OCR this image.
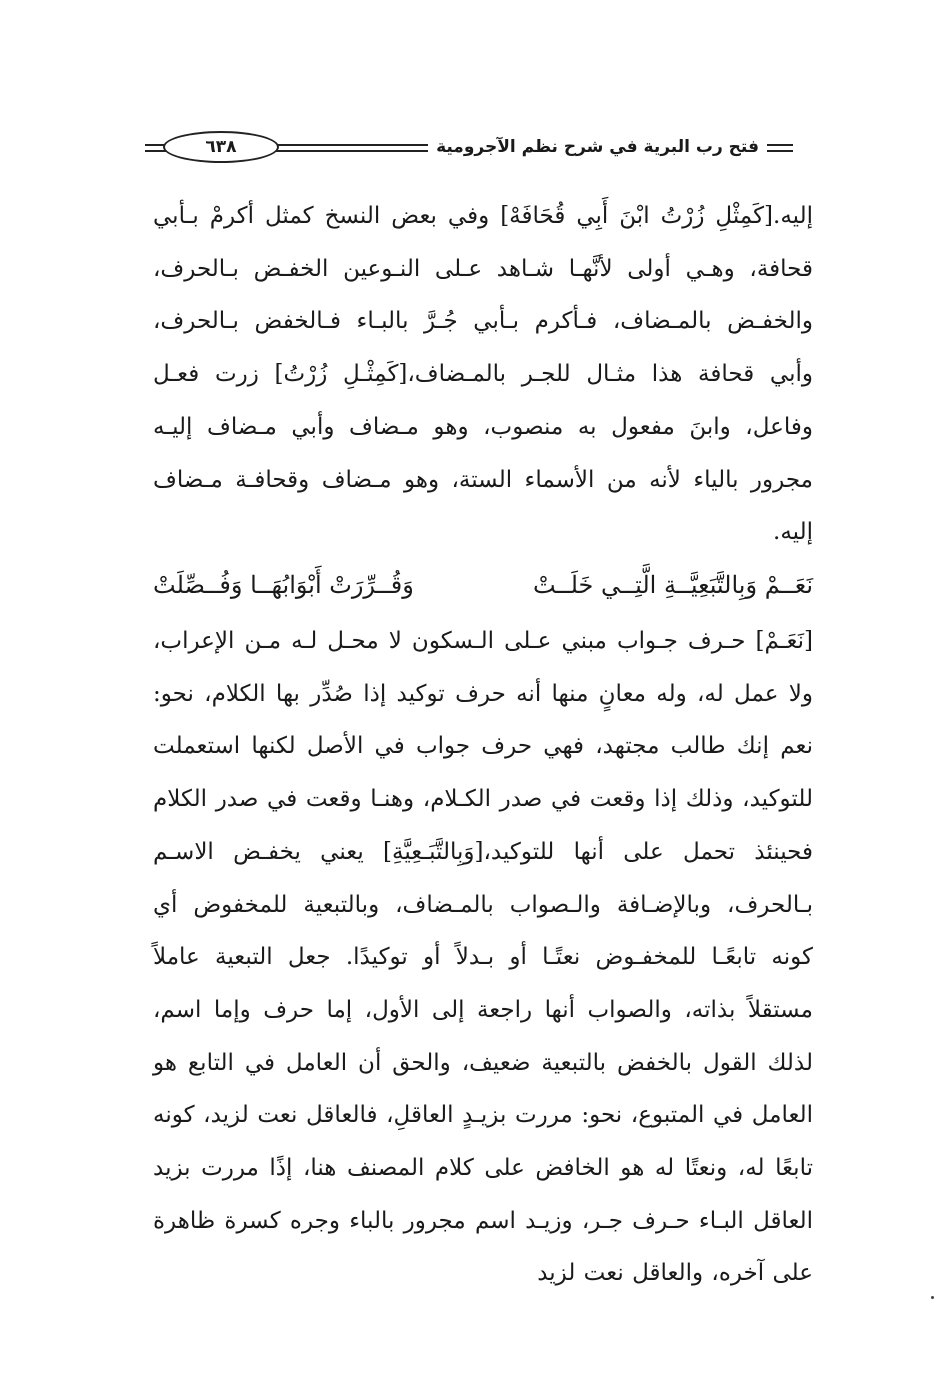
فتح رب البرية في شرح نظم الآجرومية
٦٣٨

إليه.[كَمِثْلِ زُرْتُ ابْنَ أَبِي قُحَافَهْ] وفي بعض النسخ كمثل أكرمْ بـأبي قحافة، وهـي أولى لأنَّهـا شـاهد عـلى النـوعين الخفـض بـالحرف، والخفـض بالمـضاف، فـأكرم بـأبي جُـرَّ بالبـاء فـالخفض بـالحرف، وأبي قحافة هذا مثـال للجـر بالمـضاف،[كَمِثْـلِ زُرْتُ] زرت فعـل وفاعل، وابنَ مفعول به منصوب، وهو مـضاف وأبي مـضاف إليـه مجرور بالياء لأنه من الأسماء الستة، وهو مـضاف وقحافـة مـضاف إليه.

نَعَــمْ وَبِالتَّبَعِيَّــةِ الَّتِــي خَلَــتْ
وَقُــرِّرَتْ أَبْوَابُهَــا وَفُــصِّلَتْ

[نَعَـمْ] حـرف جـواب مبني عـلى الـسكون لا محـل لـه مـن الإعراب، ولا عمل له، وله معانٍ منها أنه حرف توكيد إذا صُدِّر بها الكلام، نحو: نعم إنك طالب مجتهد، فهي حرف جواب في الأصل لكنها استعملت للتوكيد، وذلك إذا وقعت في صدر الكـلام، وهنـا وقعت في صدر الكلام فحينئذ تحمل على أنها للتوكيد،[وَبِالتَّبَـعِيَّةِ] يعني يخفـض الاسـم بـالحرف، وبالإضـافة والـصواب بالمـضاف، وبالتبعية للمخفوض أي كونه تابعًـا للمخفـوض نعتًـا أو بـدلاً أو توكيدًا. جعل التبعية عاملاً مستقلاً بذاته، والصواب أنها راجعة إلى الأول، إما حرف وإما اسم، لذلك القول بالخفض بالتبعية ضعيف، والحق أن العامل في التابع هو العامل في المتبوع، نحو: مررت بزيـدٍ العاقلِ، فالعاقل نعت لزيد، كونه تابعًا له، ونعتًا له هو الخافض على كلام المصنف هنا، إذًا مررت بزيد العاقل البـاء حـرف جـر، وزيـد اسم مجرور بالباء وجره كسرة ظاهرة على آخره، والعاقل نعت لزيد
